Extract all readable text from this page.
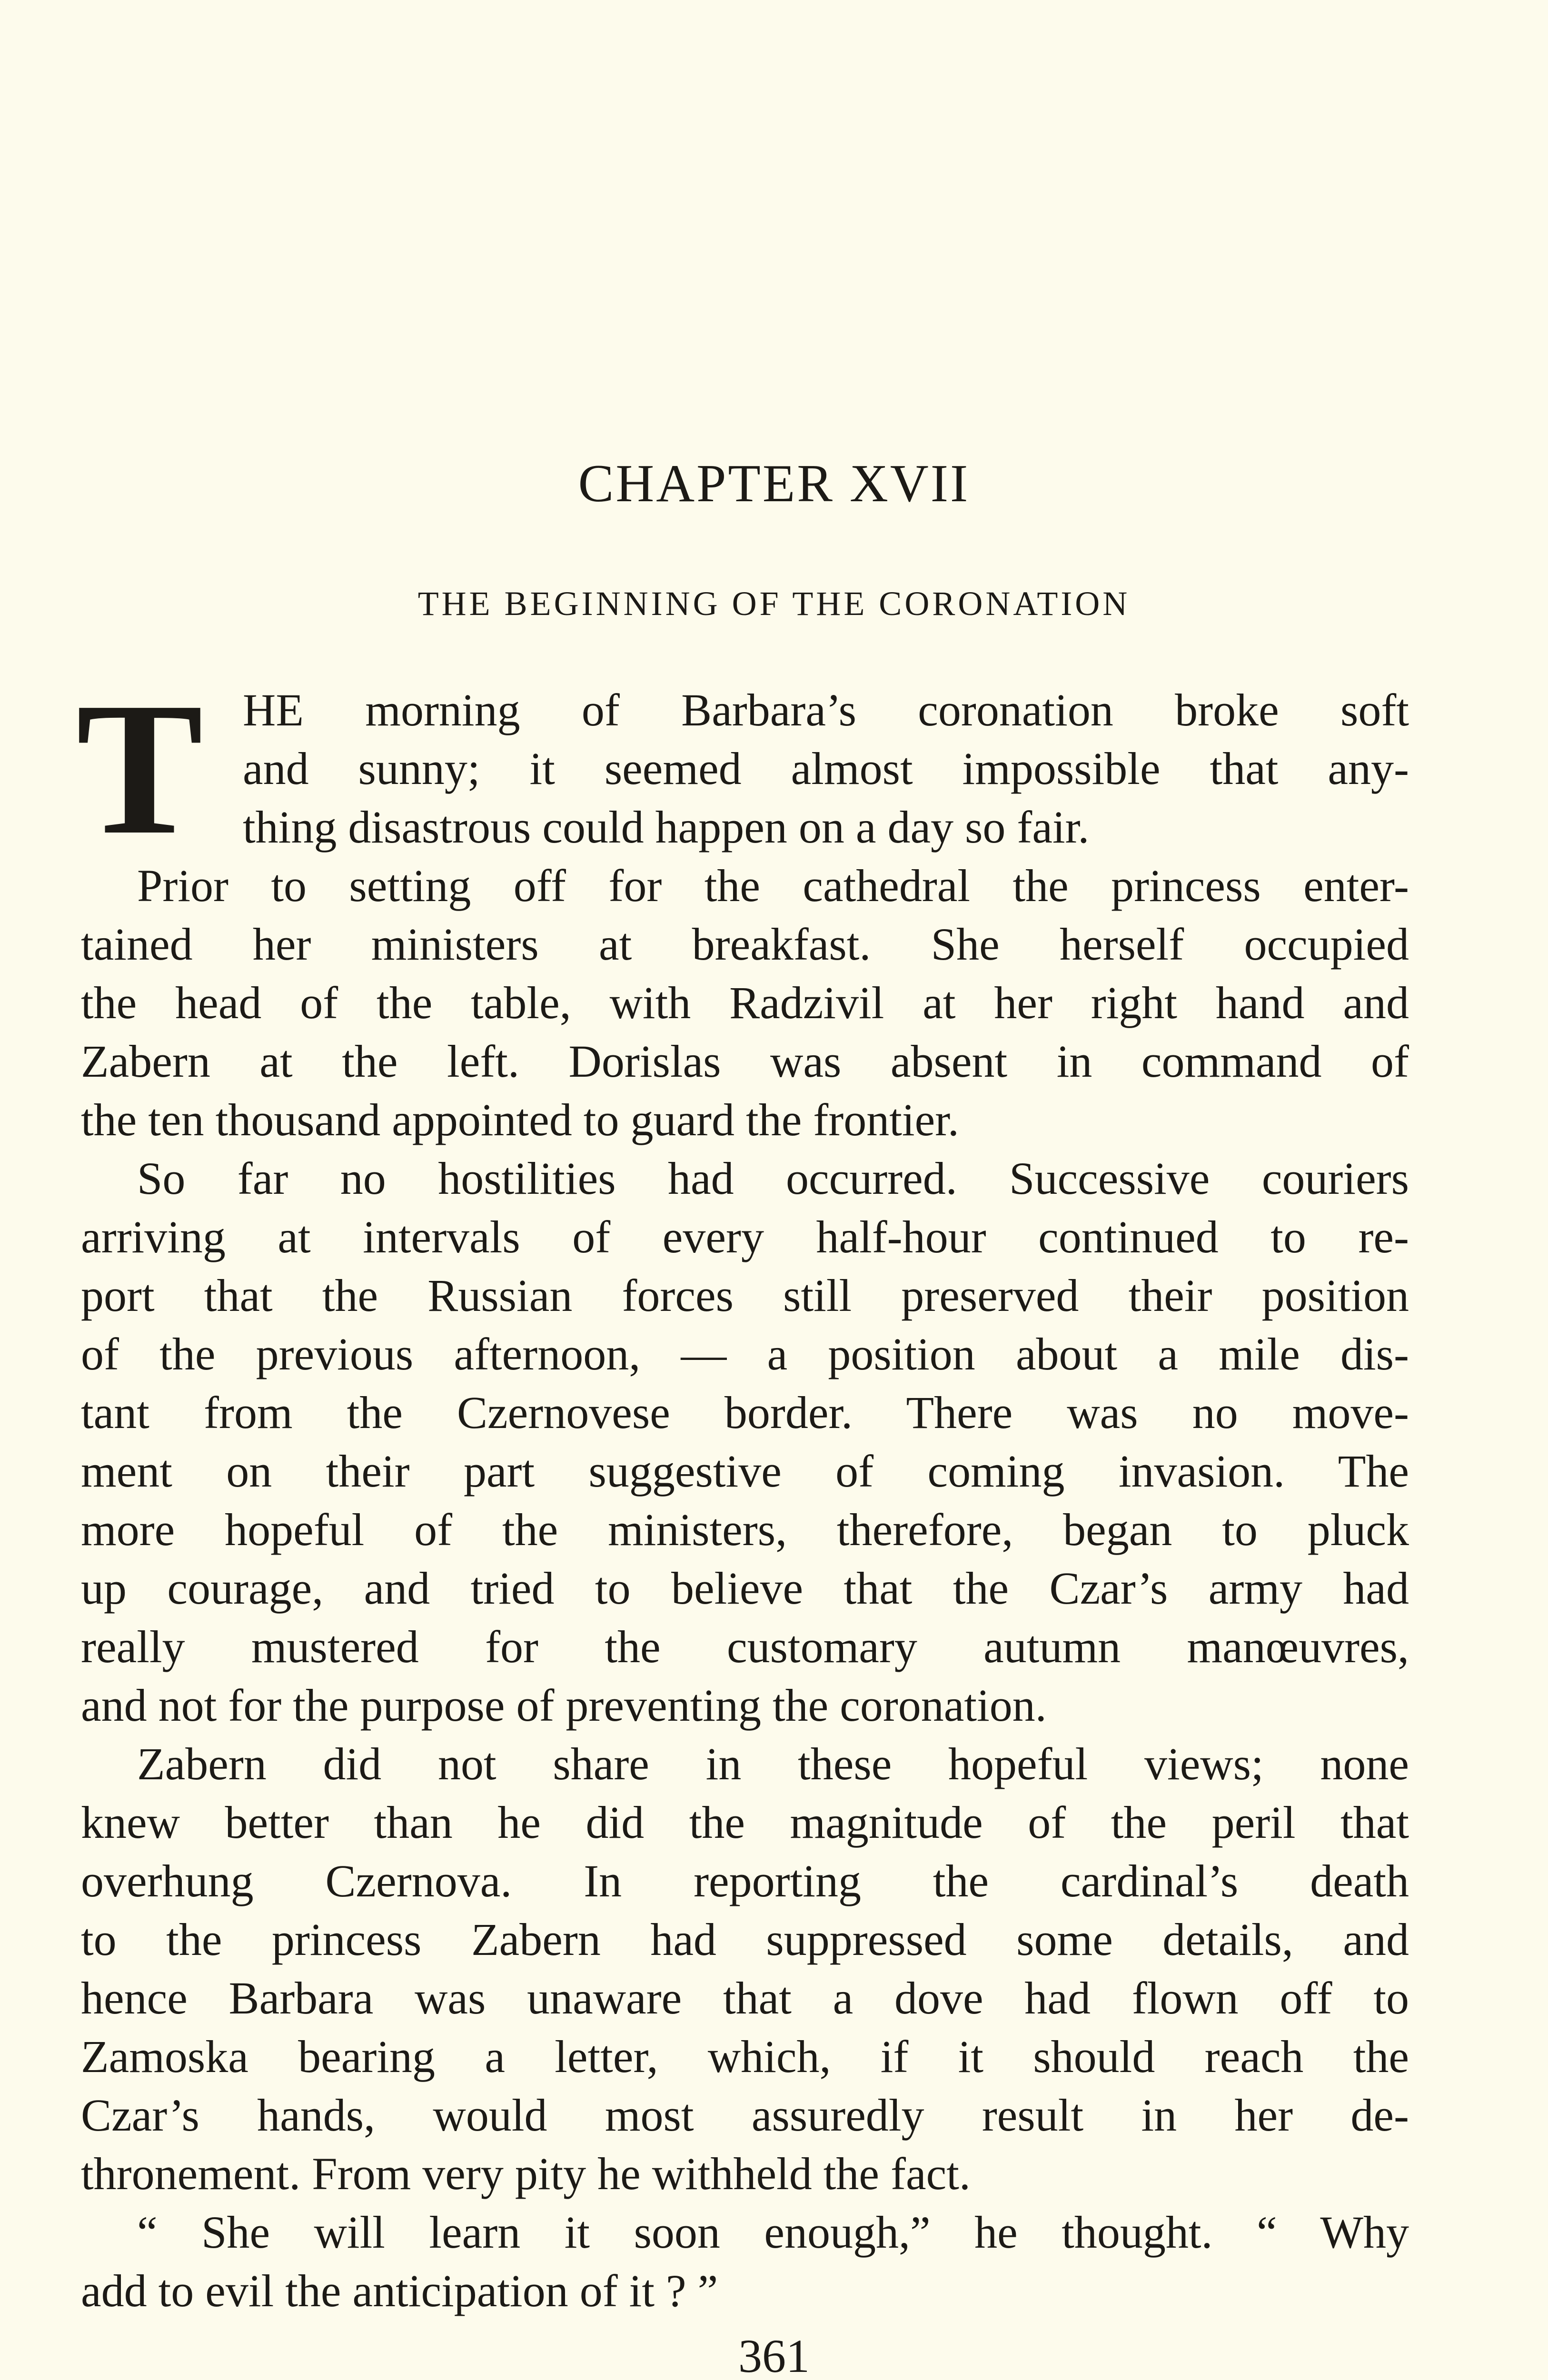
CHAPTER XVII
THE BEGINNING OF THE CORONATION
T HE morning of Barbara’s coronation broke soft
and sunny; it seemed almost impossible that any-
thing disastrous could happen on a day so fair.
Prior to setting off for the cathedral the princess enter-
tained her ministers at breakfast. She herself occupied
the head of the table, with Radzivil at her right hand and
Zabern at the left. Dorislas was absent in command of
the ten thousand appointed to guard the frontier.
So far no hostilities had occurred. Successive couriers
arriving at intervals of every half-hour continued to re-
port that the Russian forces still preserved their position
of the previous afternoon, — a position about a mile dis-
tant from the Czernovese border. There was no move-
ment on their part suggestive of coming invasion. The
more hopeful of the ministers, therefore, began to pluck
up courage, and tried to believe that the Czar’s army had
really mustered for the customary autumn manœuvres,
and not for the purpose of preventing the coronation.
Zabern did not share in these hopeful views; none
knew better than he did the magnitude of the peril that
overhung Czernova. In reporting the cardinal’s death
to the princess Zabern had suppressed some details, and
hence Barbara was unaware that a dove had flown off to
Zamoska bearing a letter, which, if it should reach the
Czar’s hands, would most assuredly result in her de-
thronement. From very pity he withheld the fact.
“ She will learn it soon enough,” he thought. “ Why
add to evil the anticipation of it ? ”
361
